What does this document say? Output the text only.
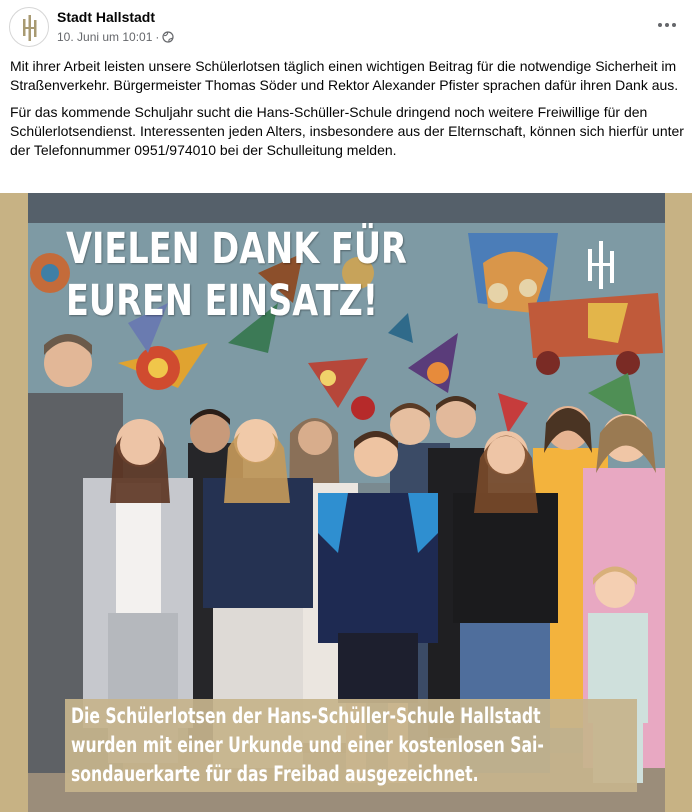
Stadt Hallstadt
10. Juni um 10:01 ·

Mit ihrer Arbeit leisten unsere Schülerlotsen täglich einen wichtigen Beitrag für die notwendige Sicherheit im Straßenverkehr. Bürgermeister Thomas Söder und Rektor Alexander Pfister sprachen dafür ihren Dank aus.

Für das kommende Schuljahr sucht die Hans-Schüller-Schule dringend noch weitere Freiwillige für den Schülerlotsendienst. Interessenten jeden Alters, insbesondere aus der Elternschaft, können sich hierfür unter der Telefonnummer 0951/974010 bei der Schulleitung melden.

VIELEN DANK FÜR
EUREN EINSATZ!
Die Schülerlotsen der Hans-Schüller-Schule Hallstadt
wurden mit einer Urkunde und einer kostenlosen Sai-
sondauerkarte für das Freibad ausgezeichnet.
